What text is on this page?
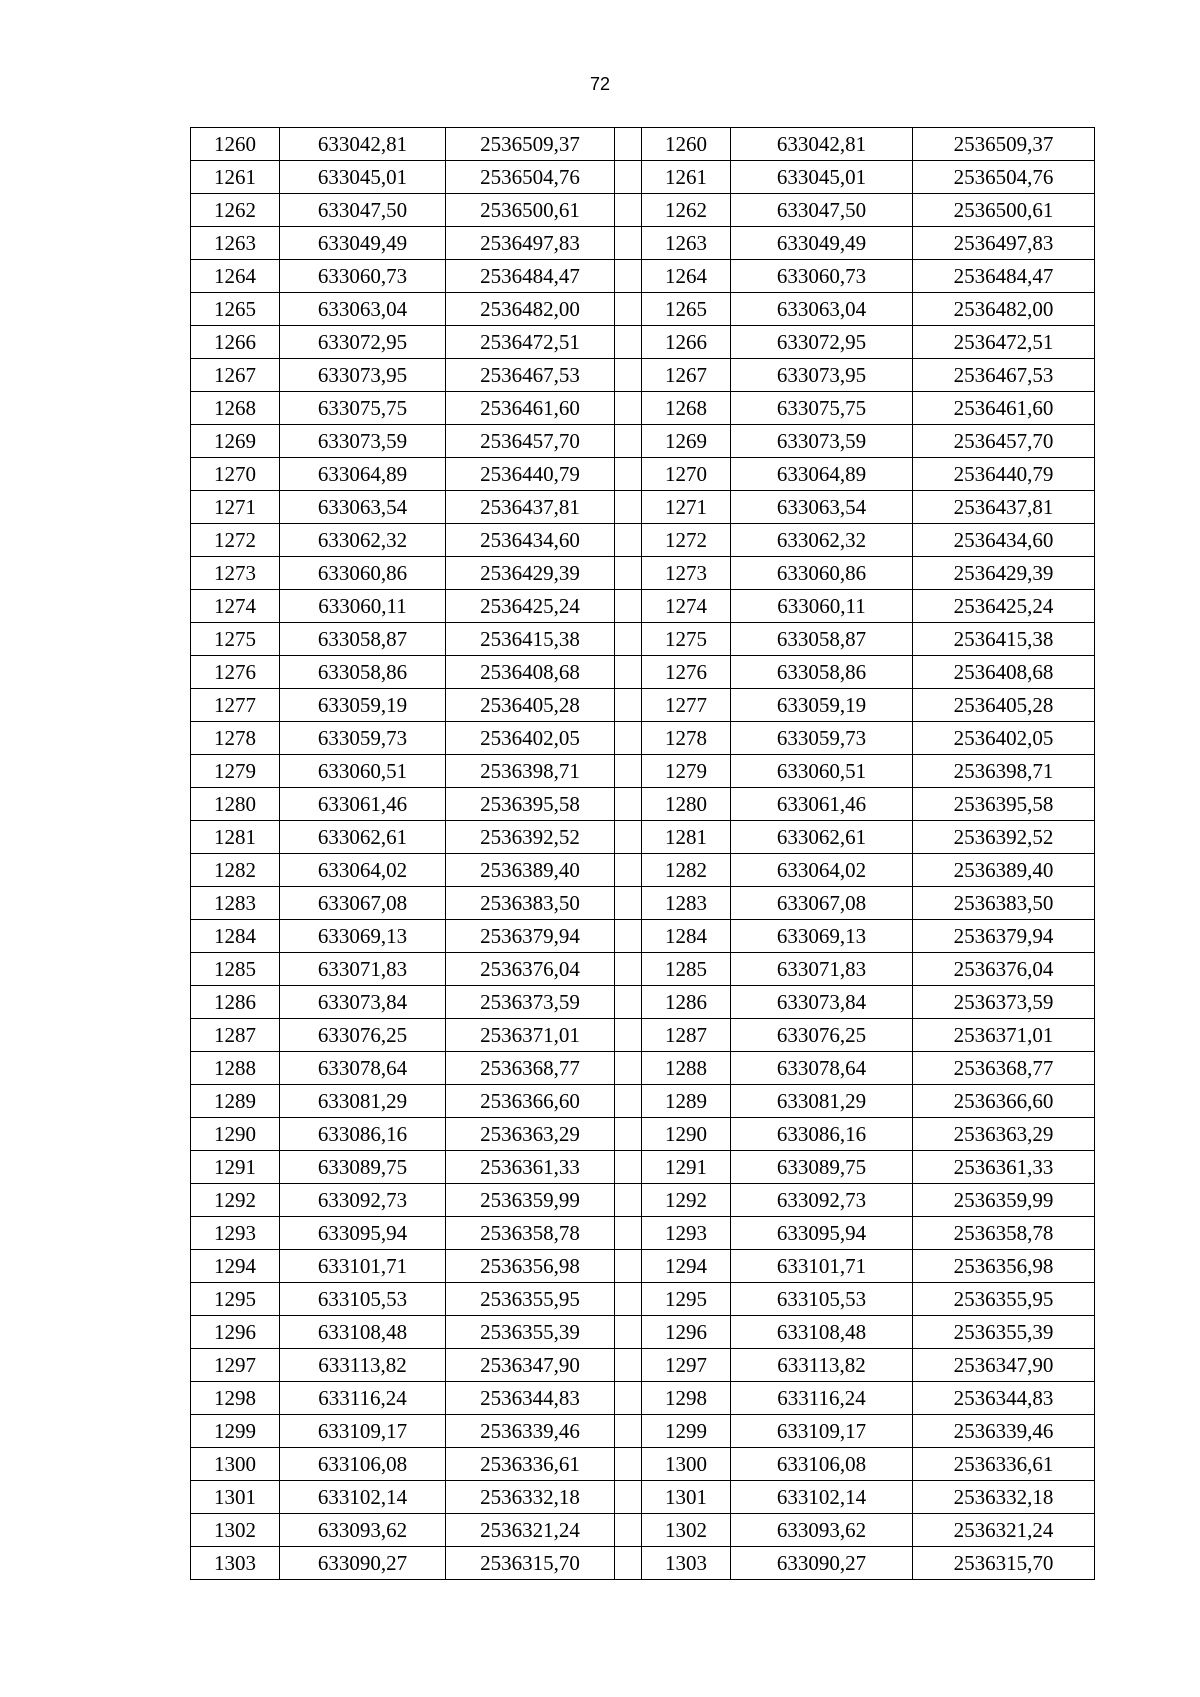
72
1260	633042,81	2536509,37		1260	633042,81	2536509,37
1261	633045,01	2536504,76		1261	633045,01	2536504,76
1262	633047,50	2536500,61		1262	633047,50	2536500,61
1263	633049,49	2536497,83		1263	633049,49	2536497,83
1264	633060,73	2536484,47		1264	633060,73	2536484,47
1265	633063,04	2536482,00		1265	633063,04	2536482,00
1266	633072,95	2536472,51		1266	633072,95	2536472,51
1267	633073,95	2536467,53		1267	633073,95	2536467,53
1268	633075,75	2536461,60		1268	633075,75	2536461,60
1269	633073,59	2536457,70		1269	633073,59	2536457,70
1270	633064,89	2536440,79		1270	633064,89	2536440,79
1271	633063,54	2536437,81		1271	633063,54	2536437,81
1272	633062,32	2536434,60		1272	633062,32	2536434,60
1273	633060,86	2536429,39		1273	633060,86	2536429,39
1274	633060,11	2536425,24		1274	633060,11	2536425,24
1275	633058,87	2536415,38		1275	633058,87	2536415,38
1276	633058,86	2536408,68		1276	633058,86	2536408,68
1277	633059,19	2536405,28		1277	633059,19	2536405,28
1278	633059,73	2536402,05		1278	633059,73	2536402,05
1279	633060,51	2536398,71		1279	633060,51	2536398,71
1280	633061,46	2536395,58		1280	633061,46	2536395,58
1281	633062,61	2536392,52		1281	633062,61	2536392,52
1282	633064,02	2536389,40		1282	633064,02	2536389,40
1283	633067,08	2536383,50		1283	633067,08	2536383,50
1284	633069,13	2536379,94		1284	633069,13	2536379,94
1285	633071,83	2536376,04		1285	633071,83	2536376,04
1286	633073,84	2536373,59		1286	633073,84	2536373,59
1287	633076,25	2536371,01		1287	633076,25	2536371,01
1288	633078,64	2536368,77		1288	633078,64	2536368,77
1289	633081,29	2536366,60		1289	633081,29	2536366,60
1290	633086,16	2536363,29		1290	633086,16	2536363,29
1291	633089,75	2536361,33		1291	633089,75	2536361,33
1292	633092,73	2536359,99		1292	633092,73	2536359,99
1293	633095,94	2536358,78		1293	633095,94	2536358,78
1294	633101,71	2536356,98		1294	633101,71	2536356,98
1295	633105,53	2536355,95		1295	633105,53	2536355,95
1296	633108,48	2536355,39		1296	633108,48	2536355,39
1297	633113,82	2536347,90		1297	633113,82	2536347,90
1298	633116,24	2536344,83		1298	633116,24	2536344,83
1299	633109,17	2536339,46		1299	633109,17	2536339,46
1300	633106,08	2536336,61		1300	633106,08	2536336,61
1301	633102,14	2536332,18		1301	633102,14	2536332,18
1302	633093,62	2536321,24		1302	633093,62	2536321,24
1303	633090,27	2536315,70		1303	633090,27	2536315,70
